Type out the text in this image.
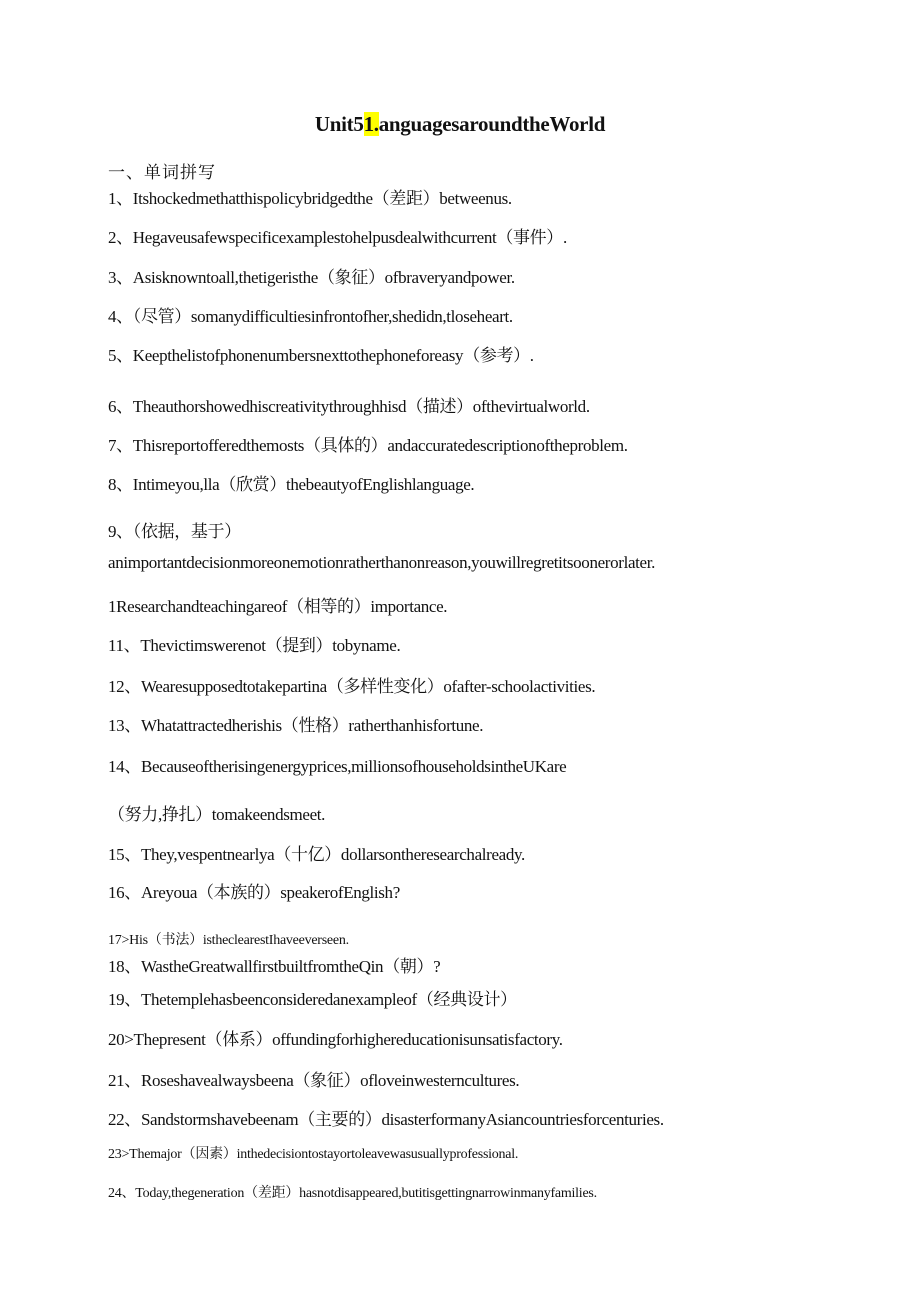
Unit51.anguagesaroundtheWorld
一、单词拼写
1、Itshockedmethatthispolicybridgedthe（差距）betweenus.
2、Hegaveusafewspecificexamplestohelpusdealwithcurrent（事件）.
3、Asisknowntoall,thetigeristhe（象征）ofbraveryandpower.
4、（尽管）somanydifficultiesinfrontofher,shedidn,tloseheart.
5、Keepthelistofphonenumbersnexttothephoneforeasy（参考）.
6、Theauthorshowedhiscreativitythroughhisd（描述）ofthevirtualworld.
7、Thisreportofferedthemosts（具体的）andaccuratedescriptionoftheproblem.
8、Intimeyou,lla（欣赏）thebeautyofEnglishlanguage.
9、（依据，基于）
animportantdecisionmoreonemotionratherthanonreason,youwillregretitsoonerorlater.
1Researchandteachingareof（相等的）importance.
11、Thevictimswerenot（提到）tobyname.
12、Wearesupposedtotakepartina（多样性变化）ofafter-schoolactivities.
13、Whatattractedherishis（性格）ratherthanhisfortune.
14、Becauseoftherisingenergyprices,millionsofhouseholdsintheUKare
（努力,挣扎）tomakeendsmeet.
15、They,vespentnearlya（十亿）dollarsontheresearchalready.
16、Areyoua（本族的）speakerofEnglish?
17>His（书法）istheclearestIhaveeverseen.
18、WastheGreatwallfirstbuiltfromtheQin（朝）?
19、Thetemplehasbeenconsideredanexampleof（经典设计）
20>Thepresent（体系）offundingforhighereducationisunsatisfactory.
21、Roseshavealwaysbeena（象征）ofloveinwesterncultures.
22、Sandstormshavebeenam（主要的）disasterformanyAsiancountriesforcenturies.
23>Themajor（因素）inthedecisiontostayortoleavewasusuallyprofessional.
24、Today,thegeneration（差距）hasnotdisappeared,butitisgettingnarrowinmanyfamilies.
